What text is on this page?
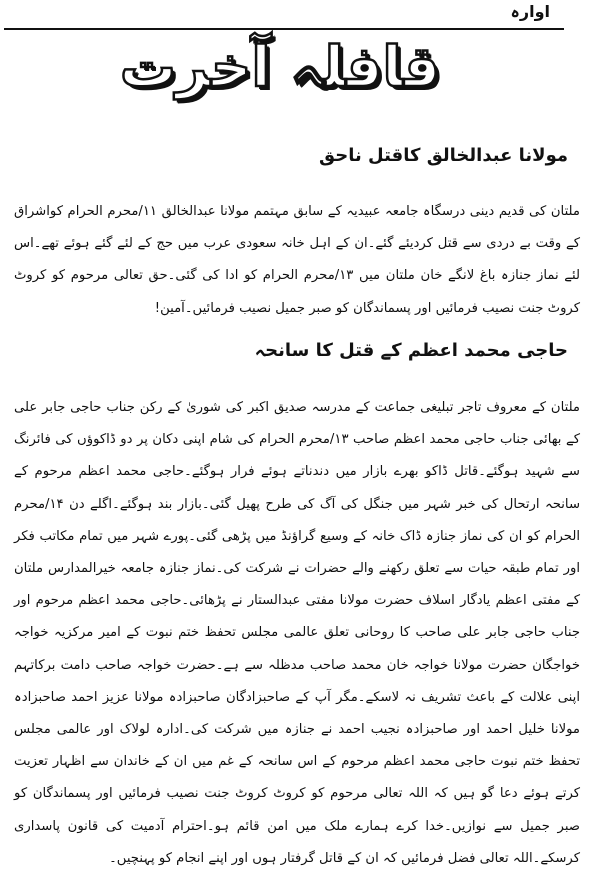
اوارہ
قافلہ آخرت
مولانا عبدالخالق کاقتل ناحق
ملتان کی قدیم دینی درسگاہ جامعہ عبیدیہ کے سابق مہتمم مولانا عبدالخالق ۱۱/محرم الحرام کواشراق کے وقت بے دردی سے قتل کردیئے گئے۔ان کے اہل خانہ سعودی عرب میں حج کے لئے گئے ہوئے تھے۔اس لئے نماز جنازہ باغ لانگے خان ملتان میں ۱۳/محرم الحرام کو ادا کی گئی۔حق تعالی مرحوم کو کروٹ کروٹ جنت نصیب فرمائیں اور پسماندگان کو صبر جمیل نصیب فرمائیں۔آمین!
حاجی محمد اعظم کے قتل کا سانحہ
ملتان کے معروف تاجر تبلیغی جماعت کے مدرسہ صدیق اکبر کی شوریٰ کے رکن جناب حاجی جابر علی کے بھائی جناب حاجی محمد اعظم صاحب ۱۳/محرم الحرام کی شام اپنی دکان پر دو ڈاکوؤں کی فائرنگ سے شہید ہوگئے۔قاتل ڈاکو بھرے بازار میں دندناتے ہوئے فرار ہوگئے۔حاجی محمد اعظم مرحوم کے سانحہ ارتحال کی خبر شہر میں جنگل کی آگ کی طرح پھیل گئی۔بازار بند ہوگئے۔اگلے دن ۱۴/محرم الحرام کو ان کی نماز جنازہ ڈاک خانہ کے وسیع گراؤنڈ میں پڑھی گئی۔پورے شہر میں تمام مکاتب فکر اور تمام طبقہ حیات سے تعلق رکھنے والے حضرات نے شرکت کی۔نماز جنازہ جامعہ خیرالمدارس ملتان کے مفتی اعظم یادگار اسلاف حضرت مولانا مفتی عبدالستار نے پڑھائی۔حاجی محمد اعظم مرحوم اور جناب حاجی جابر علی صاحب کا روحانی تعلق عالمی مجلس تحفظ ختم نبوت کے امیر مرکزیہ خواجہ خواجگان حضرت مولانا خواجہ خان محمد صاحب مدظلہ سے ہے۔حضرت خواجہ صاحب دامت برکاتہم اپنی علالت کے باعث تشریف نہ لاسکے۔مگر آپ کے صاحبزادگان صاحبزادہ مولانا عزیز احمد صاحبزادہ مولانا خلیل احمد اور صاحبزادہ نجیب احمد نے جنازہ میں شرکت کی۔ادارہ لولاک اور عالمی مجلس تحفظ ختم نبوت حاجی محمد اعظم مرحوم کے اس سانحہ کے غم میں ان کے خاندان سے اظہار تعزیت کرتے ہوئے دعا گو ہیں کہ اللہ تعالی مرحوم کو کروٹ کروٹ جنت نصیب فرمائیں اور پسماندگان کو صبر جمیل سے نوازیں۔خدا کرے ہمارے ملک میں امن قائم ہو۔احترام آدمیت کی قانون پاسداری کرسکے۔اللہ تعالی فضل فرمائیں کہ ان کے قاتل گرفتار ہوں اور اپنے انجام کو پہنچیں۔
